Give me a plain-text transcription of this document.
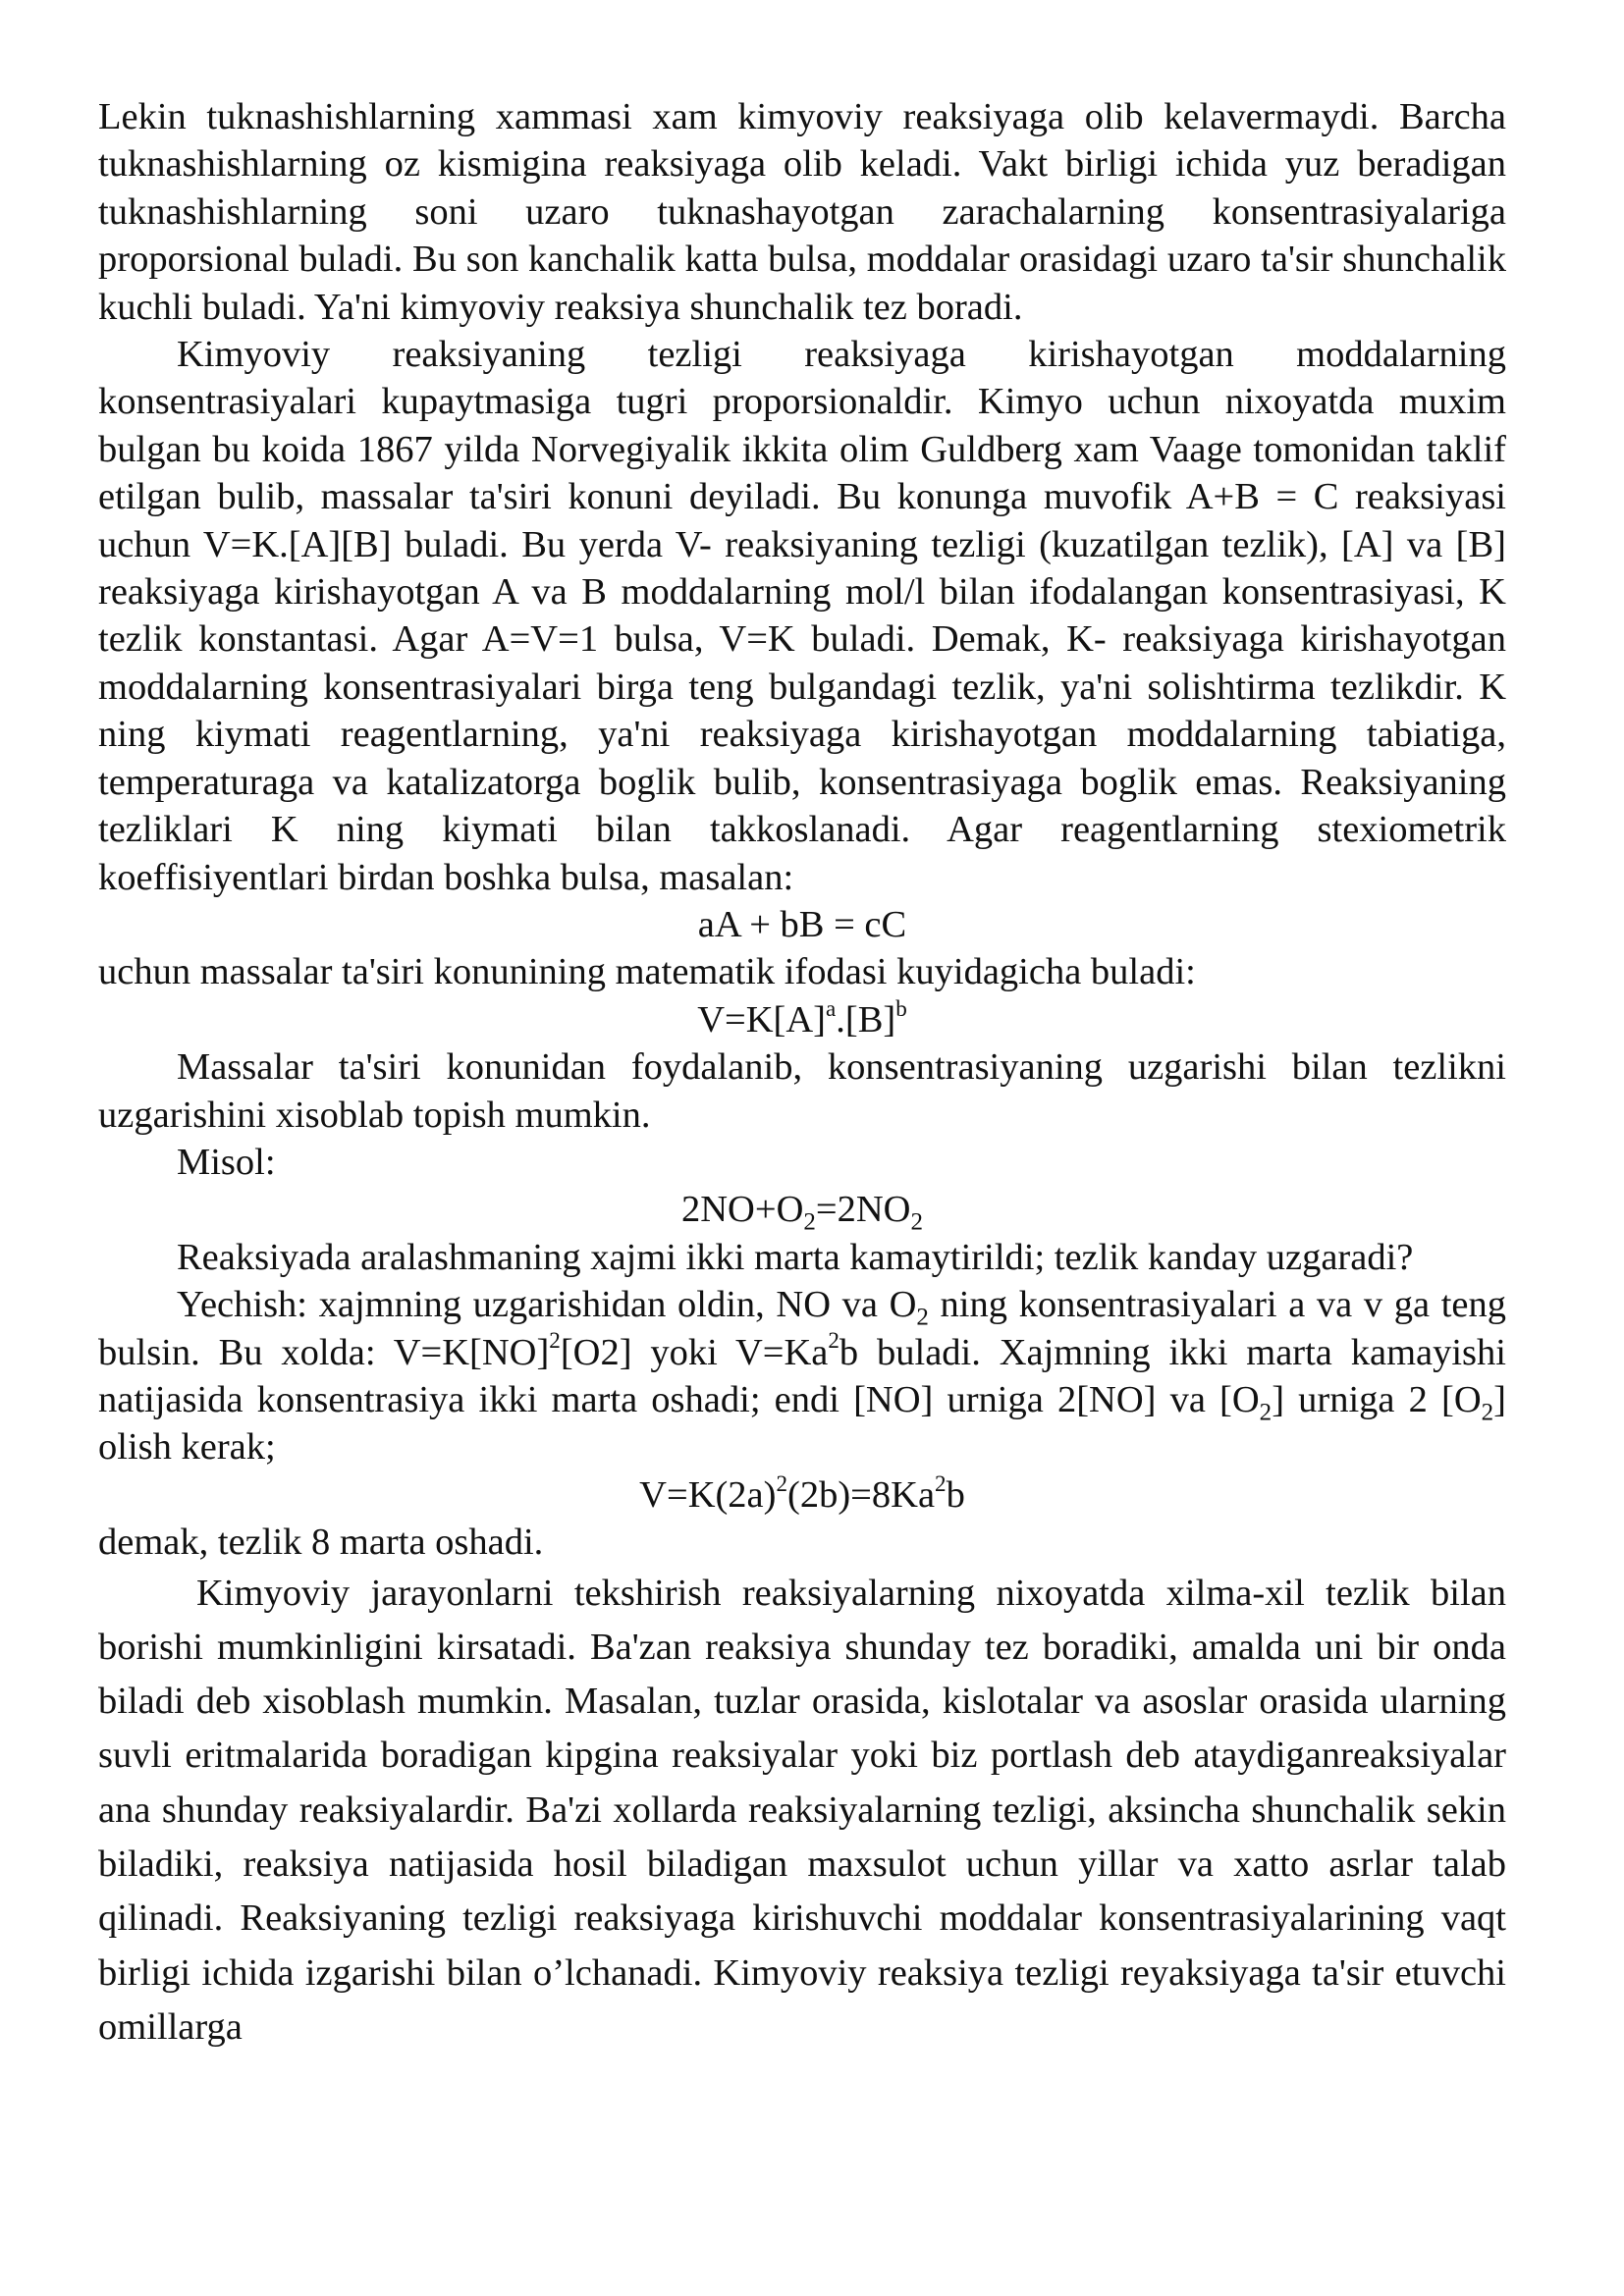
Lekin tuknashishlarning xammasi xam kimyoviy reaksiyaga olib kelavermaydi. Barcha tuknashishlarning oz kismigina reaksiyaga olib keladi. Vakt birligi ichida yuz beradigan tuknashishlarning soni uzaro tuknashayotgan zarachalarning konsentrasiyalariga proporsional buladi. Bu son kanchalik katta bulsa, moddalar orasidagi uzaro ta'sir shunchalik kuchli buladi. Ya'ni kimyoviy reaksiya shunchalik tez boradi.

Kimyoviy reaksiyaning tezligi reaksiyaga kirishayotgan moddalarning konsentrasiyalari kupaytmasiga tugri proporsionaldir. Kimyo uchun nixoyatda muxim bulgan bu koida 1867 yilda Norvegiyalik ikkita olim Guldberg xam Vaage tomonidan taklif etilgan bulib, massalar ta'siri konuni deyiladi. Bu konunga muvofik A+B = C reaksiyasi uchun V=K.[A][B] buladi. Bu yerda V- reaksiyaning tezligi (kuzatilgan tezlik), [A] va [B] reaksiyaga kirishayotgan A va B moddalarning mol/l bilan ifodalangan konsentrasiyasi, K tezlik konstantasi. Agar A=V=1 bulsa, V=K buladi. Demak, K- reaksiyaga kirishayotgan moddalarning konsentrasiyalari birga teng bulgandagi tezlik, ya'ni solishtirma tezlikdir. K ning kiymati reagentlarning, ya'ni reaksiyaga kirishayotgan moddalarning tabiatiga, temperaturaga va katalizatorga boglik bulib, konsentrasiyaga boglik emas. Reaksiyaning tezliklari K ning kiymati bilan takkoslanadi. Agar reagentlarning stexiometrik koeffisiyentlari birdan boshka bulsa, masalan:

aA + bB = cC

uchun massalar ta'siri konunining matematik ifodasi kuyidagicha buladi:

$V=K[A]^a.[B]^b$

Massalar ta'siri konunidan foydalanib, konsentrasiyaning uzgarishi bilan tezlikni uzgarishini xisoblab topish mumkin.

Misol:

$2NO+O_2=2NO_2$

Reaksiyada aralashmaning xajmi ikki marta kamaytirildi; tezlik kanday uzgaradi?

Yechish: xajmning uzgarishidan oldin, NO va $O_2$ ning konsentrasiyalari a va v ga teng bulsin. Bu xolda: V=K[NO]$^2$[O2] yoki $V=Ka^2b$ buladi. Xajmning ikki marta kamayishi natijasida konsentrasiya ikki marta oshadi; endi [NO] urniga 2[NO] va $[O_2]$ urniga 2 $[O_2]$ olish kerak;

$V=K(2a)^2(2b)=8Ka^2b$

demak, tezlik 8 marta oshadi.

Kimyoviy jarayonlarni tekshirish reaksiyalarning nixoyatda xilma-xil tezlik bilan borishi mumkinligini kirsatadi. Ba'zan reaksiya shunday tez boradiki, amalda uni bir onda biladi deb xisoblash mumkin. Masalan, tuzlar orasida, kislotalar va asoslar orasida ularning suvli eritmalarida boradigan kipgina reaksiyalar yoki biz portlash deb ataydiganreaksiyalar ana shunday reaksiyalardir. Ba'zi xollarda reaksiyalarning tezligi, aksincha shunchalik sekin biladiki, reaksiya natijasida hosil biladigan maxsulot uchun yillar va xatto asrlar talab qilinadi. Reaksiyaning tezligi reaksiyaga kirishuvchi moddalar konsentrasiyalarining vaqt birligi ichida izgarishi bilan o’lchanadi. Kimyoviy reaksiya tezligi reyaksiyaga ta'sir etuvchi omillarga
